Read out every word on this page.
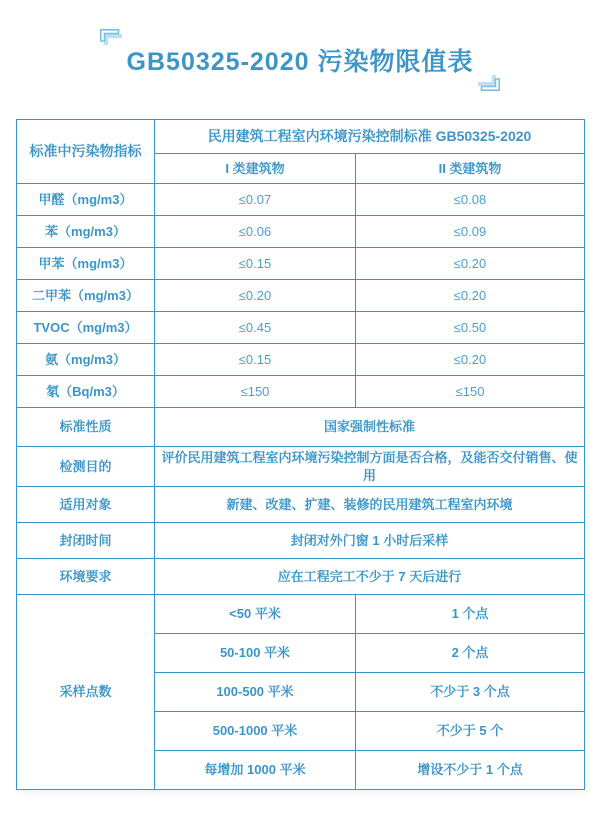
GB50325-2020 污染物限值表
标准中污染物指标	民用建筑工程室内环境污染控制标准 GB50325-2020	
	I 类建筑物	II 类建筑物
甲醛（mg/m3）	≤0.07	≤0.08
苯（mg/m3）	≤0.06	≤0.09
甲苯（mg/m3）	≤0.15	≤0.20
二甲苯（mg/m3）	≤0.20	≤0.20
TVOC（mg/m3）	≤0.45	≤0.50
氨（mg/m3）	≤0.15	≤0.20
氡（Bq/m3）	≤150	≤150
标准性质	国家强制性标准	
检测目的	评价民用建筑工程室内环境污染控制方面是否合格，及能否交付销售、使用	
适用对象	新建、改建、扩建、装修的民用建筑工程室内环境	
封闭时间	封闭对外门窗 1 小时后采样	
环境要求	应在工程完工不少于 7 天后进行	
采样点数	<50 平米	1 个点
	50-100 平米	2 个点
	100-500 平米	不少于 3 个点
	500-1000 平米	不少于 5 个
	每增加 1000 平米	增设不少于 1 个点
